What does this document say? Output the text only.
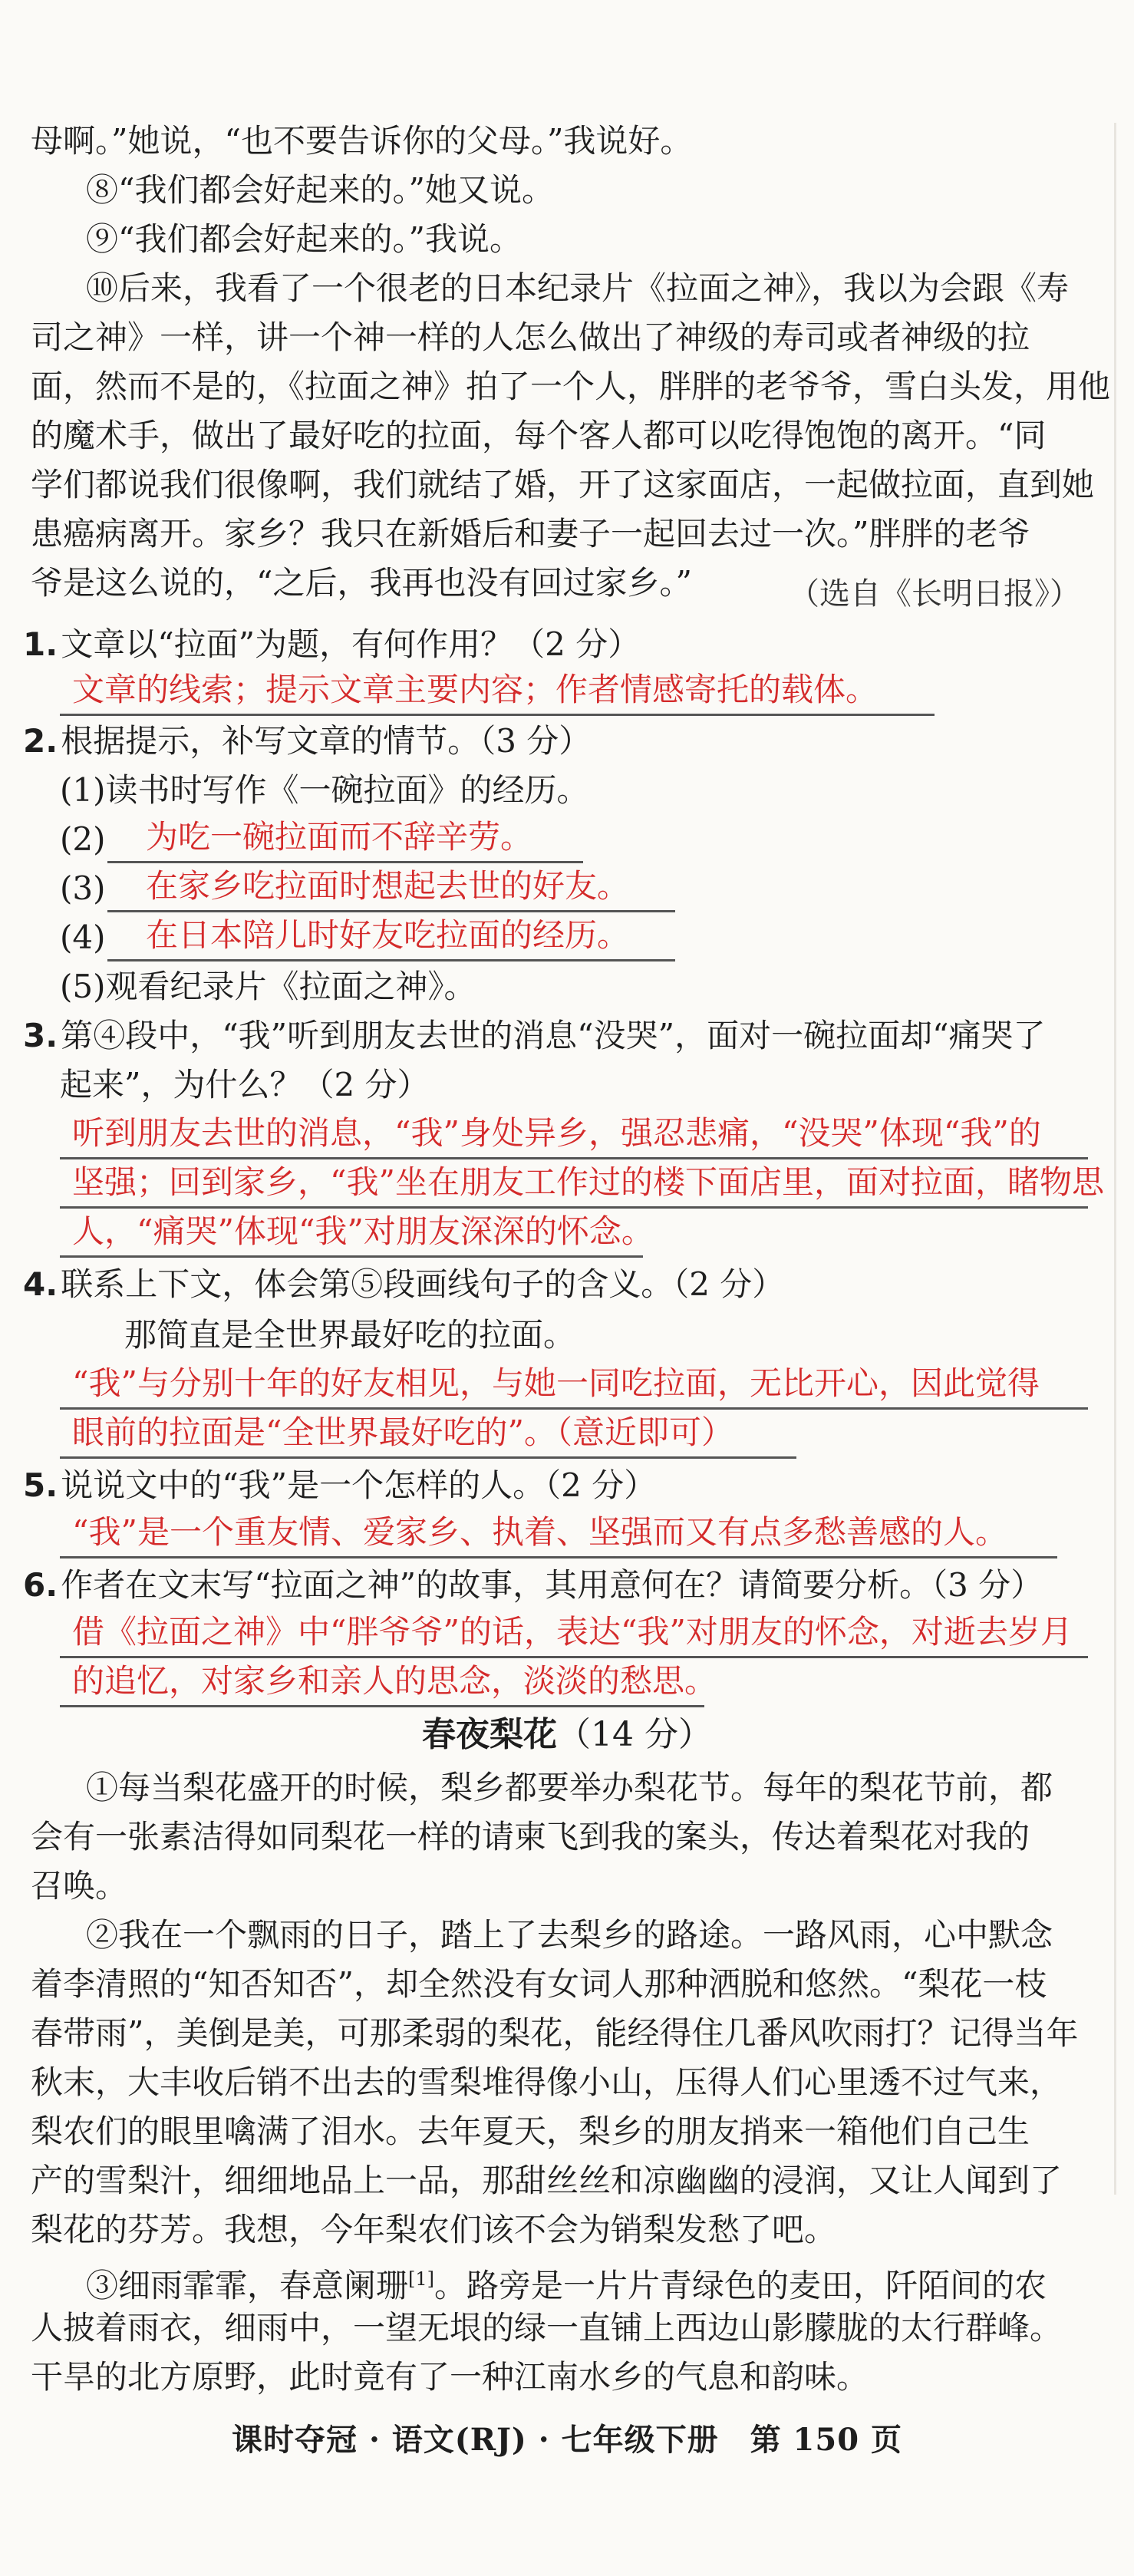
母啊。”她说，“也不要告诉你的父母。”我说好。
⑧“我们都会好起来的。”她又说。
⑨“我们都会好起来的。”我说。
⑩后来，我看了一个很老的日本纪录片《拉面之神》，我以为会跟《寿
司之神》一样，讲一个神一样的人怎么做出了神级的寿司或者神级的拉
面，然而不是的，《拉面之神》拍了一个人，胖胖的老爷爷，雪白头发，用他
的魔术手，做出了最好吃的拉面，每个客人都可以吃得饱饱的离开。“同
学们都说我们很像啊，我们就结了婚，开了这家面店，一起做拉面，直到她
患癌病离开。家乡？我只在新婚后和妻子一起回去过一次。”胖胖的老爷
爷是这么说的，“之后，我再也没有回过家乡。”	（选自《长明日报》）
1.文章以“拉面”为题，有何作用？（2 分）
文章的线索；提示文章主要内容；作者情感寄托的载体。
2.根据提示，补写文章的情节。（3 分）
(1)读书时写作《一碗拉面》的经历。
(2)	为吃一碗拉面而不辞辛劳。
(3)	在家乡吃拉面时想起去世的好友。
(4)	在日本陪儿时好友吃拉面的经历。
(5)观看纪录片《拉面之神》。
3.第④段中，“我”听到朋友去世的消息“没哭”，面对一碗拉面却“痛哭了
起来”，为什么？（2 分）
听到朋友去世的消息，“我”身处异乡，强忍悲痛，“没哭”体现“我”的
坚强；回到家乡，“我”坐在朋友工作过的楼下面店里，面对拉面，睹物思
人，“痛哭”体现“我”对朋友深深的怀念。
4.联系上下文，体会第⑤段画线句子的含义。（2 分）
那简直是全世界最好吃的拉面。
“我”与分别十年的好友相见，与她一同吃拉面，无比开心，因此觉得
眼前的拉面是“全世界最好吃的”。（意近即可）
5.说说文中的“我”是一个怎样的人。（2 分）
“我”是一个重友情、爱家乡、执着、坚强而又有点多愁善感的人。
6.作者在文末写“拉面之神”的故事，其用意何在？请简要分析。（3 分）
借《拉面之神》中“胖爷爷”的话，表达“我”对朋友的怀念，对逝去岁月
的追忆，对家乡和亲人的思念，淡淡的愁思。
春夜梨花（14 分）
①每当梨花盛开的时候，梨乡都要举办梨花节。每年的梨花节前，都
会有一张素洁得如同梨花一样的请柬飞到我的案头，传达着梨花对我的
召唤。
②我在一个飘雨的日子，踏上了去梨乡的路途。一路风雨，心中默念
着李清照的“知否知否”，却全然没有女词人那种洒脱和悠然。“梨花一枝
春带雨”，美倒是美，可那柔弱的梨花，能经得住几番风吹雨打？记得当年
秋末，大丰收后销不出去的雪梨堆得像小山，压得人们心里透不过气来，
梨农们的眼里噙满了泪水。去年夏天，梨乡的朋友捎来一箱他们自己生
产的雪梨汁，细细地品上一品，那甜丝丝和凉幽幽的浸润，又让人闻到了
梨花的芬芳。我想，今年梨农们该不会为销梨发愁了吧。
③细雨霏霏，春意阑珊[1]。路旁是一片片青绿色的麦田，阡陌间的农
人披着雨衣，细雨中，一望无垠的绿一直铺上西边山影朦胧的太行群峰。
干旱的北方原野，此时竟有了一种江南水乡的气息和韵味。
课时夺冠 · 语文(RJ) · 七年级下册　第 150 页
